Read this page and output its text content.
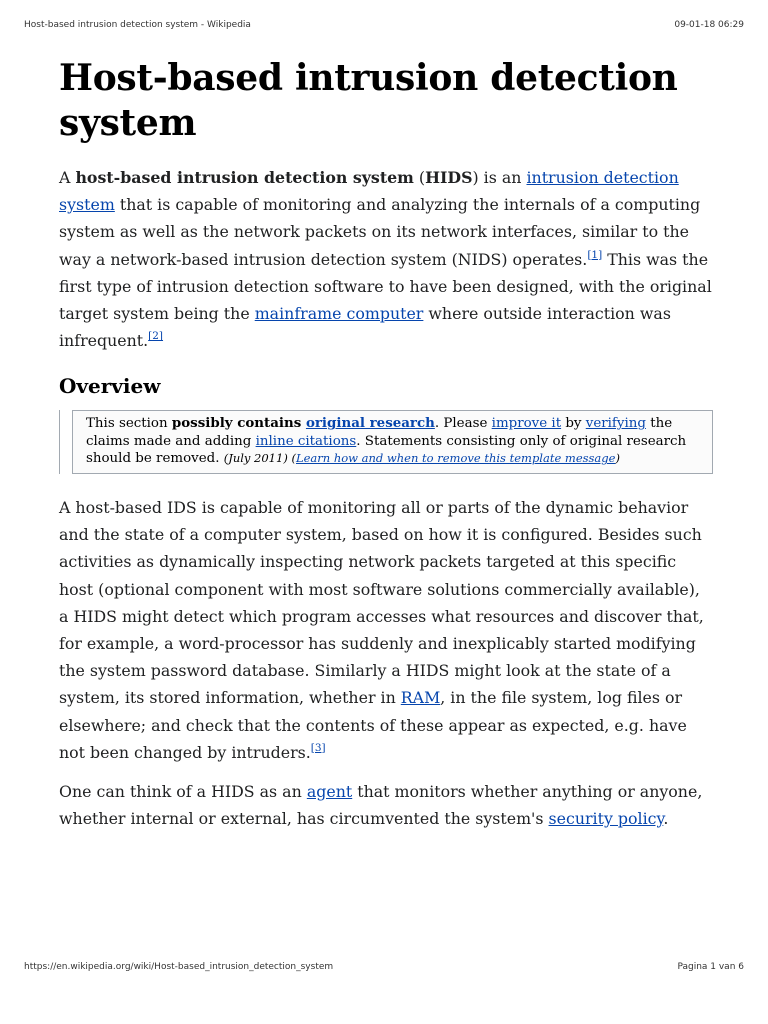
Host-based intrusion detection system - Wikipedia	09-01-18 06:29
Host-based intrusion detection system

A host-based intrusion detection system (HIDS) is an intrusion detection system that is capable of monitoring and analyzing the internals of a computing system as well as the network packets on its network interfaces, similar to the way a network-based intrusion detection system (NIDS) operates.[1] This was the first type of intrusion detection software to have been designed, with the original target system being the mainframe computer where outside interaction was infrequent.[2]

Overview
This section possibly contains original research. Please improve it by verifying the claims made and adding inline citations. Statements consisting only of original research should be removed. (July 2011) (Learn how and when to remove this template message)

A host-based IDS is capable of monitoring all or parts of the dynamic behavior and the state of a computer system, based on how it is configured. Besides such activities as dynamically inspecting network packets targeted at this specific host (optional component with most software solutions commercially available), a HIDS might detect which program accesses what resources and discover that, for example, a word-processor has suddenly and inexplicably started modifying the system password database. Similarly a HIDS might look at the state of a system, its stored information, whether in RAM, in the file system, log files or elsewhere; and check that the contents of these appear as expected, e.g. have not been changed by intruders.[3]

One can think of a HIDS as an agent that monitors whether anything or anyone, whether internal or external, has circumvented the system's security policy.

https://en.wikipedia.org/wiki/Host-based_intrusion_detection_system	Pagina 1 van 6
